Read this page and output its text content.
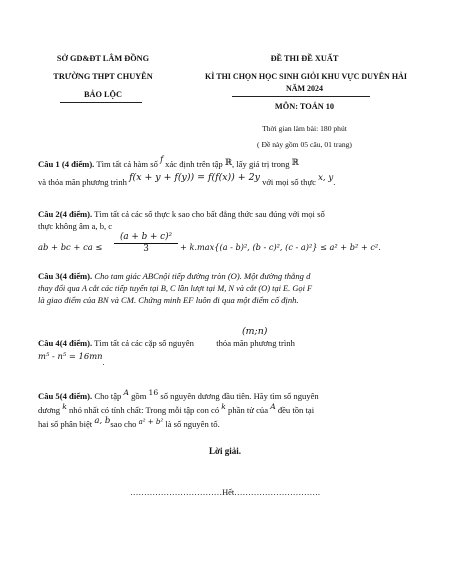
SỞ GD&ĐT LÂM ĐỒNG
TRƯỜNG THPT CHUYÊN
BẢO LỘC
ĐỀ THI ĐỀ XUẤT
KÌ THI CHỌN HỌC SINH GIỎI KHU VỰC DUYÊN HẢI
NĂM 2024
MÔN: TOÁN 10
Thời gian làm bài: 180 phút
( Đề này gồm 05 câu, 01 trang)
Câu 1 (4 điểm). Tìm tất cả hàm số f xác định trên tập ℝ, lấy giá trị trong ℝ
và thỏa mãn phương trình f(x + y + f(y)) = f(f(x)) + 2y với mọi số thực x, y.
Câu 2(4 điểm). Tìm tất cả các số thực k sao cho bất đẳng thức sau đúng với mọi số
thực không âm a, b, c
ab + bc + ca ≤ $\frac{\text{(a + b + c)²}}{3} + k.\max\{(a - b)^2$, (b - c)², (c - a)²} ≤ a² + b² + c².
Câu 3(4 điểm). Cho tam giác ABCnội tiếp đường tròn (O). Một đường thẳng d
thay đổi qua A cắt các tiếp tuyến tại B, C lần lượt tại M, N và cắt (O) tại E. Gọi F
là giao điểm của BN và CM. Chứng minh EF luôn đi qua một điểm cố định.
(m;n)
Câu 4(4 điểm). Tìm tất cả các cặp số nguyên  thỏa mãn phương trình
m⁵ - n⁵ = 16mn.
Câu 5(4 điểm). Cho tập A gồm 16 số nguyên dương đầu tiên. Hãy tìm số nguyên
dương k nhỏ nhất có tính chất: Trong mỗi tập con có k phần tử của A đều tồn tại
hai số phân biệt a, bsao cho $^{a^2 + b^2}$ là số nguyên tố.
Lời giải.
……………………………Hết………………………….
